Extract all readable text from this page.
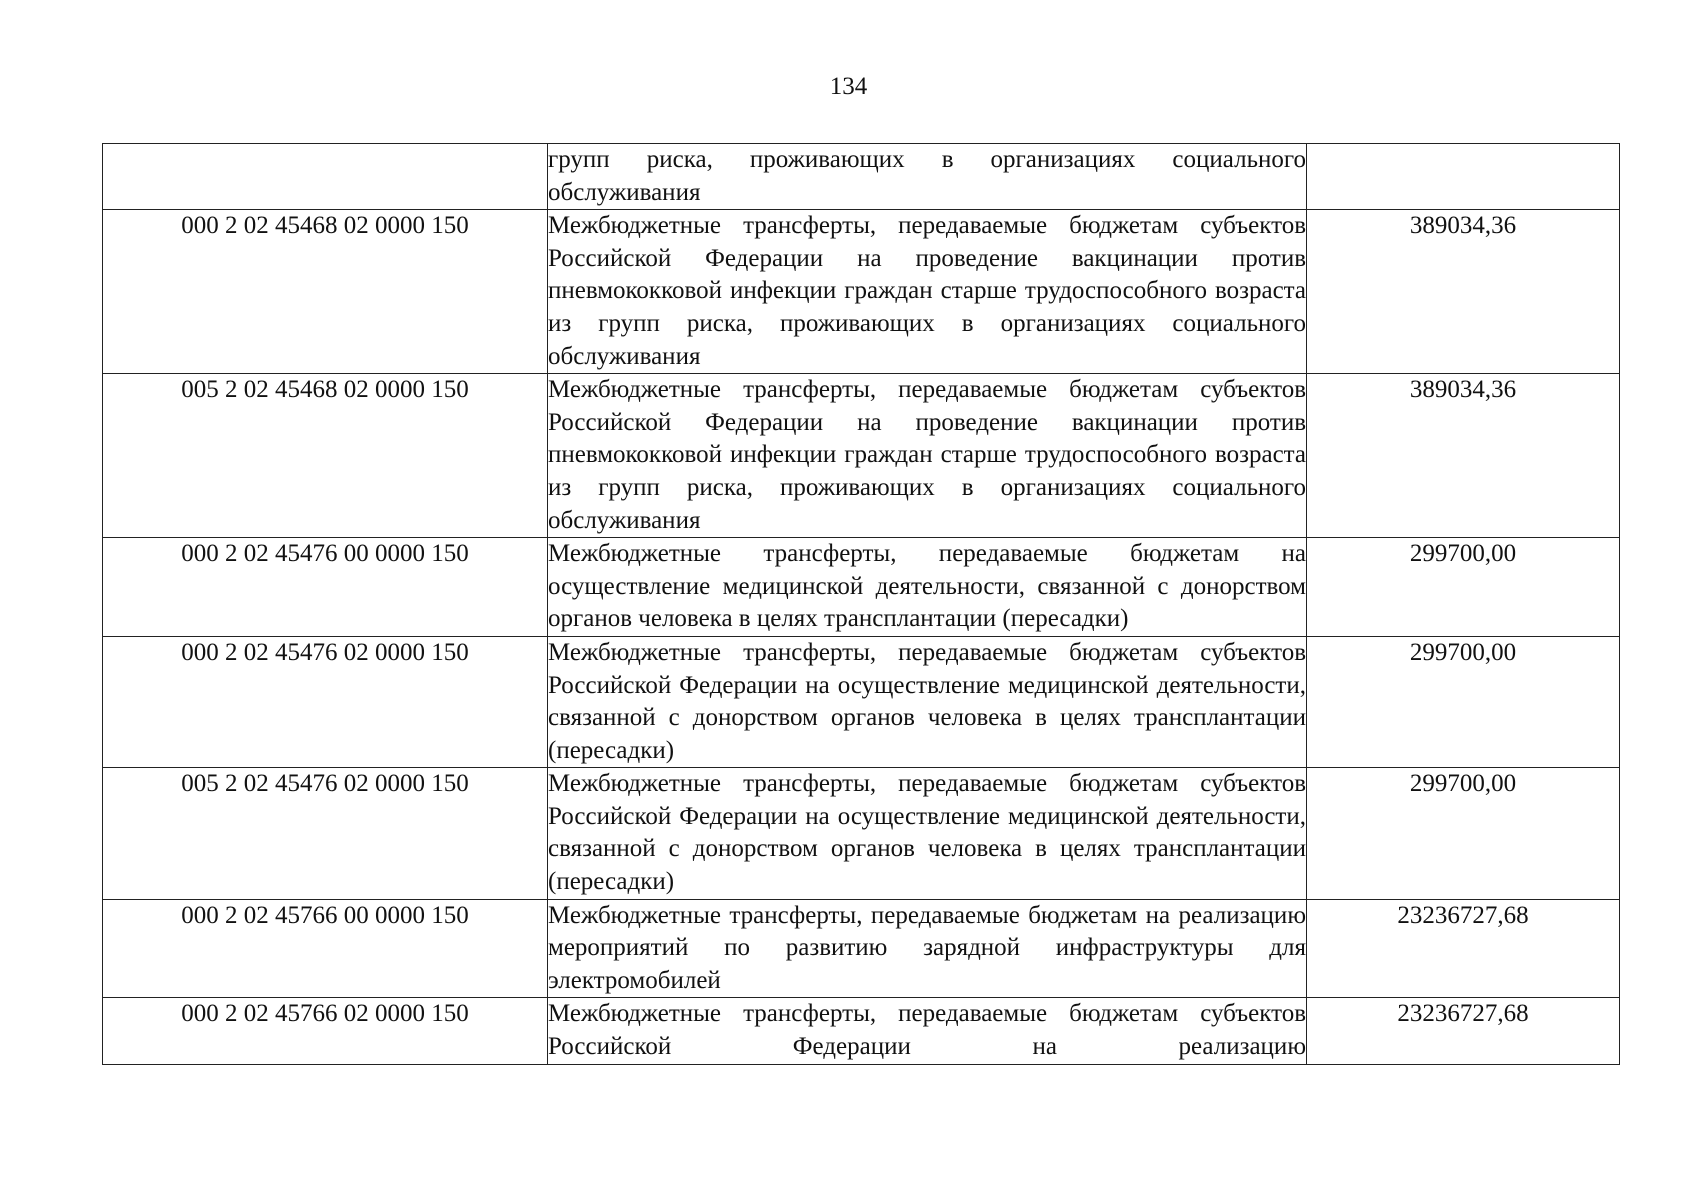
134
	групп риска, проживающих в организациях социального обслуживания	
000 2 02 45468 02 0000 150	Межбюджетные трансферты, передаваемые бюджетам субъектов Российской Федерации на проведение вакцинации против пневмококковой инфекции граждан старше трудоспособного возраста из групп риска, проживающих в организациях социального обслуживания	389034,36
005 2 02 45468 02 0000 150	Межбюджетные трансферты, передаваемые бюджетам субъектов Российской Федерации на проведение вакцинации против пневмококковой инфекции граждан старше трудоспособного возраста из групп риска, проживающих в организациях социального обслуживания	389034,36
000 2 02 45476 00 0000 150	Межбюджетные трансферты, передаваемые бюджетам на осуществление медицинской деятельности, связанной с донорством органов человека в целях трансплантации (пересадки)	299700,00
000 2 02 45476 02 0000 150	Межбюджетные трансферты, передаваемые бюджетам субъектов Российской Федерации на осуществление медицинской деятельности, связанной с донорством органов человека в целях трансплантации (пересадки)	299700,00
005 2 02 45476 02 0000 150	Межбюджетные трансферты, передаваемые бюджетам субъектов Российской Федерации на осуществление медицинской деятельности, связанной с донорством органов человека в целях трансплантации (пересадки)	299700,00
000 2 02 45766 00 0000 150	Межбюджетные трансферты, передаваемые бюджетам на реализацию мероприятий по развитию зарядной инфраструктуры для электромобилей	23236727,68
000 2 02 45766 02 0000 150	Межбюджетные трансферты, передаваемые бюджетам субъектов Российской Федерации на реализацию	23236727,68
